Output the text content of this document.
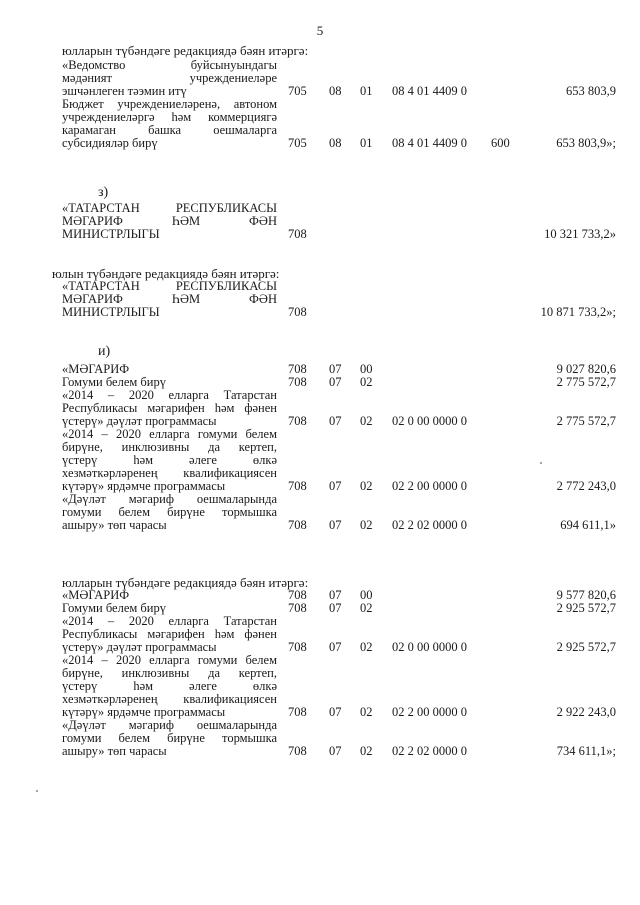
5
юлларын түбәндәге редакциядә бәян итәргә:
«Ведомство буйсынуындагы
мәдәният учреждениеләре
эшчәнлеген тәэмин итү	705 08 01 08 4 01 4409 0	653 803,9
Бюджет учреждениеләренә, автоном
учреждениеләргә һәм коммерциягә
карамаган башка оешмаларга
субсидияләр бирү	705 08 01 08 4 01 4409 0 600	653 803,9»;
з)
«ТАТАРСТАН РЕСПУБЛИКАСЫ
МӘГАРИФ ҺӘМ ФӘН
МИНИСТРЛЫГЫ	708	10 321 733,2»
юлын түбәндәге редакциядә бәян итәргә:
«ТАТАРСТАН РЕСПУБЛИКАСЫ
МӘГАРИФ ҺӘМ ФӘН
МИНИСТРЛЫГЫ	708	10 871 733,2»;
и)
«МӘГАРИФ	708 07 00	9 027 820,6
Гомуми белем бирү	708 07 02	2 775 572,7
«2014 – 2020 елларга Татарстан
Республикасы мәгарифен һәм фәнен
үстерү» дәүләт программасы	708 07 02 02 0 00 0000 0	2 775 572,7
«2014 – 2020 елларга гомуми белем
бирүне, инклюзивны да кертеп,
үстерү һәм әлеге өлкә
хезмәткәрләренең квалификациясен
күтәрү» ярдәмче программасы	708 07 02 02 2 00 0000 0	2 772 243,0
«Дәүләт мәгариф оешмаларында
гомуми белем бирүне тормышка
ашыру» төп чарасы	708 07 02 02 2 02 0000 0	694 611,1»
юлларын түбәндәге редакциядә бәян итәргә:
«МӘГАРИФ	708 07 00	9 577 820,6
Гомуми белем бирү	708 07 02	2 925 572,7
«2014 – 2020 елларга Татарстан
Республикасы мәгарифен һәм фәнен
үстерү» дәүләт программасы	708 07 02 02 0 00 0000 0	2 925 572,7
«2014 – 2020 елларга гомуми белем
бирүне, инклюзивны да кертеп,
үстерү һәм әлеге өлкә
хезмәткәрләренең квалификациясен
күтәрү» ярдәмче программасы	708 07 02 02 2 00 0000 0	2 922 243,0
«Дәүләт мәгариф оешмаларында
гомуми белем бирүне тормышка
ашыру» төп чарасы	708 07 02 02 2 02 0000 0	734 611,1»;
